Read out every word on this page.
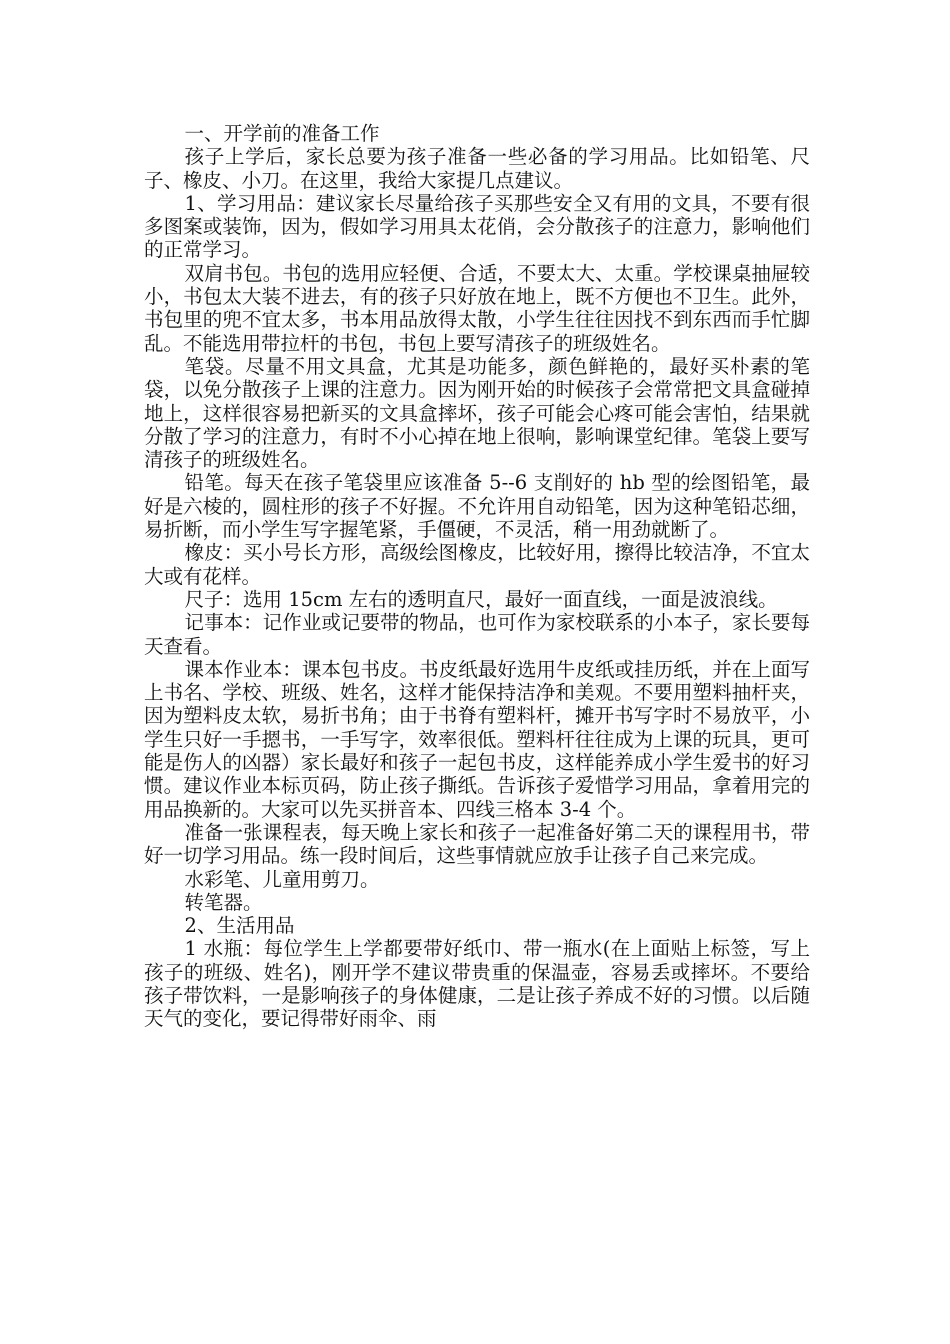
一、开学前的准备工作

孩子上学后，家长总要为孩子准备一些必备的学习用品。比如铅笔、尺子、橡皮、小刀。在这里，我给大家提几点建议。

1、学习用品：建议家长尽量给孩子买那些安全又有用的文具，不要有很多图案或装饰，因为，假如学习用具太花俏，会分散孩子的注意力，影响他们的正常学习。

双肩书包。书包的选用应轻便、合适，不要太大、太重。学校课桌抽屉较小，书包太大装不进去，有的孩子只好放在地上，既不方便也不卫生。此外，书包里的兜不宜太多，书本用品放得太散，小学生往往因找不到东西而手忙脚乱。不能选用带拉杆的书包，书包上要写清孩子的班级姓名。

笔袋。尽量不用文具盒，尤其是功能多，颜色鲜艳的，最好买朴素的笔袋，以免分散孩子上课的注意力。因为刚开始的时候孩子会常常把文具盒碰掉地上，这样很容易把新买的文具盒摔坏，孩子可能会心疼可能会害怕，结果就分散了学习的注意力，有时不小心掉在地上很响，影响课堂纪律。笔袋上要写清孩子的班级姓名。

铅笔。每天在孩子笔袋里应该准备 5--6 支削好的 hb 型的绘图铅笔，最好是六棱的，圆柱形的孩子不好握。不允许用自动铅笔，因为这种笔铅芯细，易折断，而小学生写字握笔紧，手僵硬，不灵活，稍一用劲就断了。

橡皮：买小号长方形，高级绘图橡皮，比较好用，擦得比较洁净，不宜太大或有花样。

尺子：选用 15cm 左右的透明直尺，最好一面直线，一面是波浪线。

记事本：记作业或记要带的物品，也可作为家校联系的小本子，家长要每天查看。

课本作业本：课本包书皮。书皮纸最好选用牛皮纸或挂历纸，并在上面写上书名、学校、班级、姓名，这样才能保持洁净和美观。不要用塑料抽杆夹，因为塑料皮太软，易折书角；由于书脊有塑料杆，摊开书写字时不易放平，小学生只好一手摁书，一手写字，效率很低。塑料杆往往成为上课的玩具，更可能是伤人的凶器）家长最好和孩子一起包书皮，这样能养成小学生爱书的好习惯。建议作业本标页码，防止孩子撕纸。告诉孩子爱惜学习用品，拿着用完的用品换新的。大家可以先买拼音本、四线三格本 3-4 个。

准备一张课程表，每天晚上家长和孩子一起准备好第二天的课程用书，带好一切学习用品。练一段时间后，这些事情就应放手让孩子自己来完成。

水彩笔、儿童用剪刀。

转笔器。

2、生活用品

1 水瓶：每位学生上学都要带好纸巾、带一瓶水(在上面贴上标签，写上孩子的班级、姓名)，刚开学不建议带贵重的保温壶，容易丢或摔坏。不要给孩子带饮料，一是影响孩子的身体健康，二是让孩子养成不好的习惯。以后随天气的变化，要记得带好雨伞、雨
